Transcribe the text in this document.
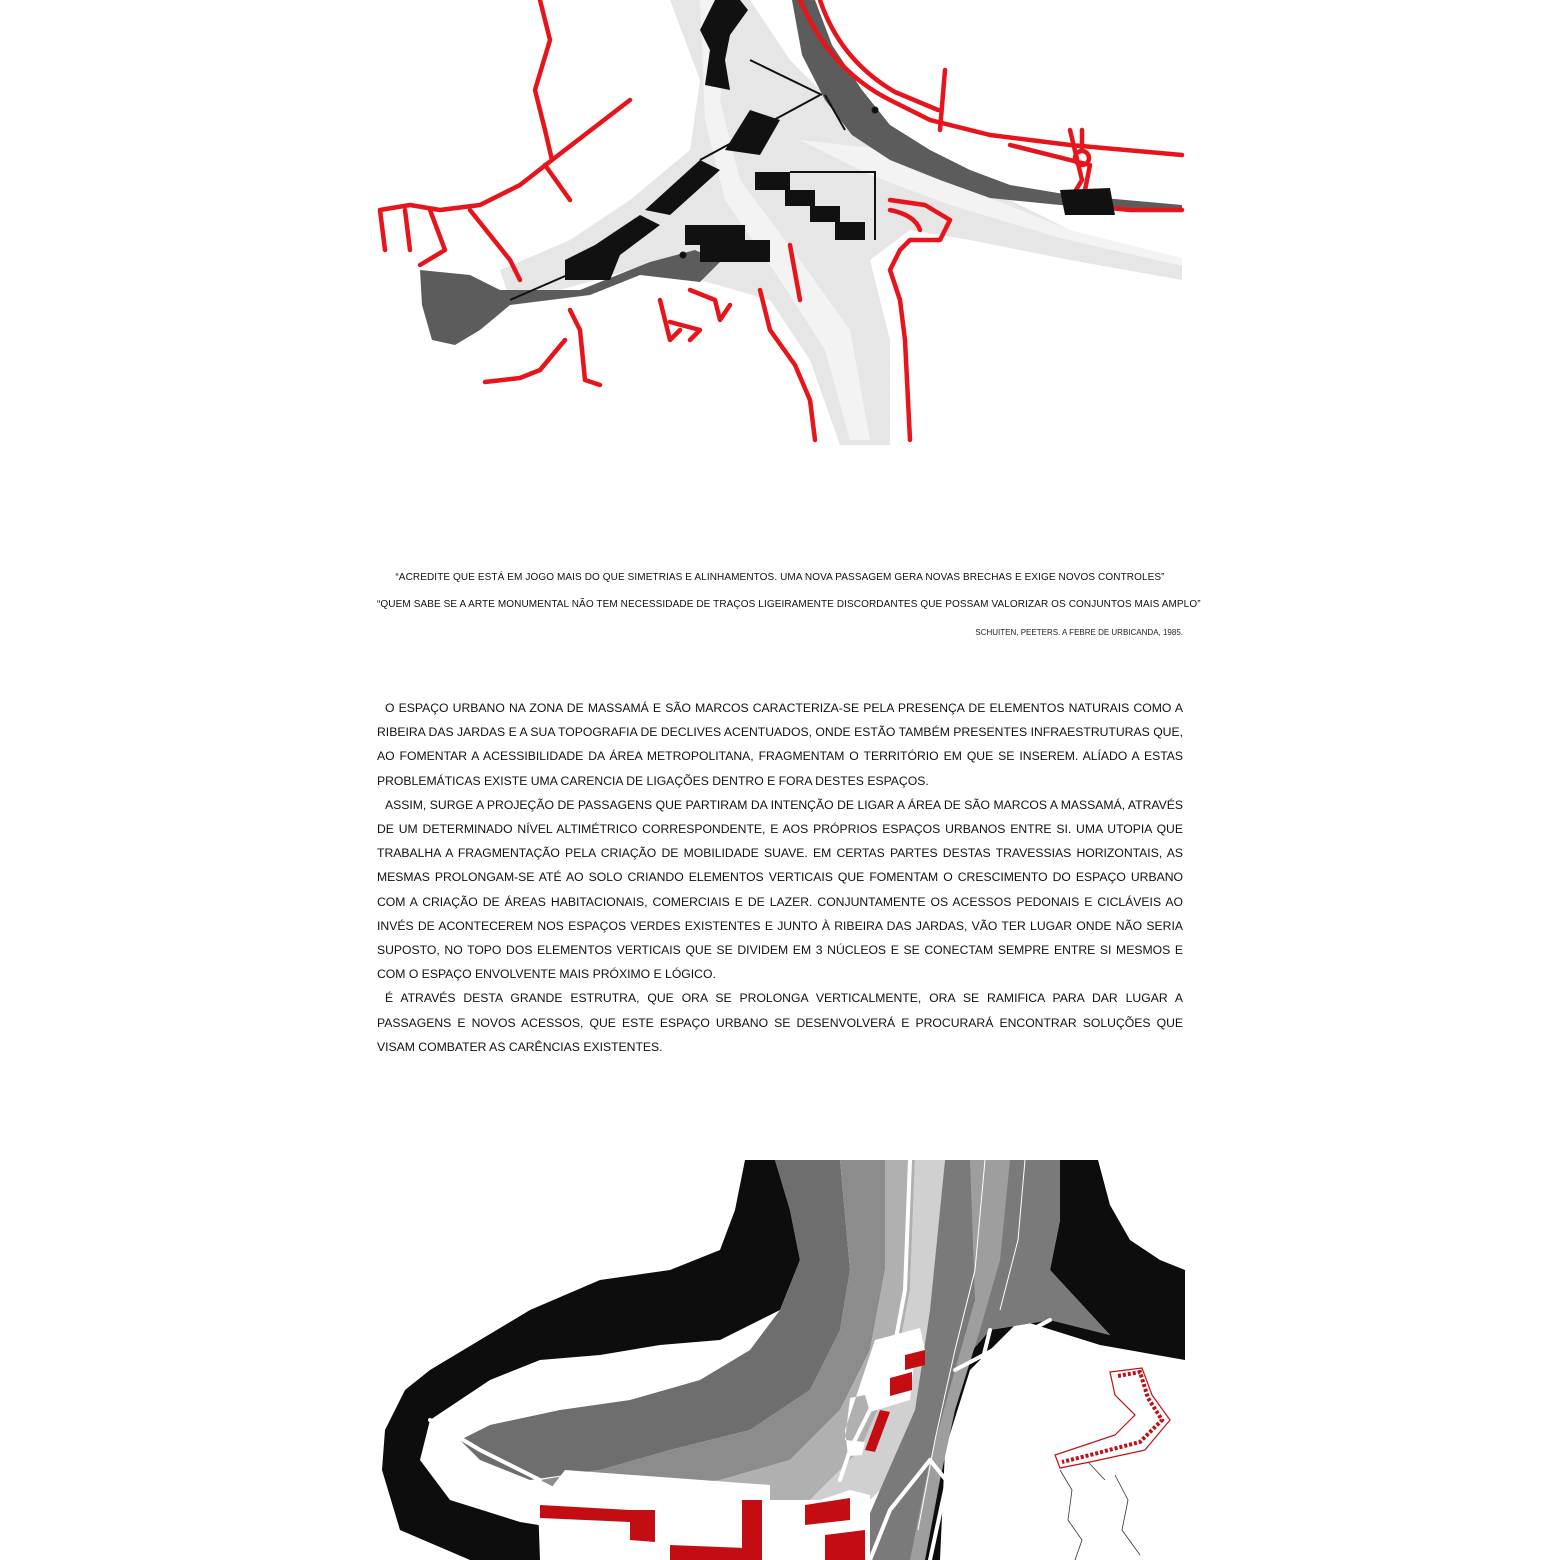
“ACREDITE QUE ESTÁ EM JOGO MAIS DO QUE SIMETRIAS E ALINHAMENTOS. UMA NOVA PASSAGEM GERA NOVAS BRECHAS E EXIGE NOVOS CONTROLES”
“QUEM SABE SE A ARTE MONUMENTAL NÃO TEM NECESSIDADE DE TRAÇOS LIGEIRAMENTE DISCORDANTES QUE POSSAM VALORIZAR OS CONJUNTOS MAIS AMPLO”
SCHUITEN, PEETERS. A FEBRE DE URBICANDA, 1985.

O ESPAÇO URBANO NA ZONA DE MASSAMÁ E SÃO MARCOS CARACTERIZA-SE PELA PRESENÇA DE ELEMENTOS NATURAIS COMO A RIBEIRA DAS JARDAS E A SUA TOPOGRAFIA DE DECLIVES ACENTUADOS, ONDE ESTÃO TAMBÉM PRESENTES INFRAESTRUTURAS QUE, AO FOMENTAR A ACESSIBILIDADE DA ÁREA METROPOLITANA, FRAGMENTAM O TERRITÓRIO EM QUE SE INSEREM. ALÍADO A ESTAS PROBLEMÁTICAS EXISTE UMA CARENCIA DE LIGAÇÕES DENTRO E FORA DESTES ESPAÇOS.

ASSIM, SURGE A PROJEÇÃO DE PASSAGENS QUE PARTIRAM DA INTENÇÃO DE LIGAR A ÁREA DE SÃO MARCOS A MASSAMÁ, ATRAVÉS DE UM DETERMINADO NÍVEL ALTIMÉTRICO CORRESPONDENTE, E AOS PRÓPRIOS ESPAÇOS URBANOS ENTRE SI. UMA UTOPIA QUE TRABALHA A FRAGMENTAÇÃO PELA CRIAÇÃO DE MOBILIDADE SUAVE. EM CERTAS PARTES DESTAS TRAVESSIAS HORIZONTAIS, AS MESMAS PROLONGAM-SE ATÉ AO SOLO CRIANDO ELEMENTOS VERTICAIS QUE FOMENTAM O CRESCIMENTO DO ESPAÇO URBANO COM A CRIAÇÃO DE ÁREAS HABITACIONAIS, COMERCIAIS E DE LAZER. CONJUNTAMENTE OS ACESSOS PEDONAIS E CICLÁVEIS AO INVÉS DE ACONTECEREM NOS ESPAÇOS VERDES EXISTENTES E JUNTO À RIBEIRA DAS JARDAS, VÃO TER LUGAR ONDE NÃO SERIA SUPOSTO, NO TOPO DOS ELEMENTOS VERTICAIS QUE SE DIVIDEM EM 3 NÚCLEOS E SE CONECTAM SEMPRE ENTRE SI MESMOS E COM O ESPAÇO ENVOLVENTE MAIS PRÓXIMO E LÓGICO.

É ATRAVÉS DESTA GRANDE ESTRUTRA, QUE ORA SE PROLONGA VERTICALMENTE, ORA SE RAMIFICA PARA DAR LUGAR A PASSAGENS E NOVOS ACESSOS, QUE ESTE ESPAÇO URBANO SE DESENVOLVERÁ E PROCURARÁ ENCONTRAR SOLUÇÕES QUE VISAM COMBATER AS CARÊNCIAS EXISTENTES.
